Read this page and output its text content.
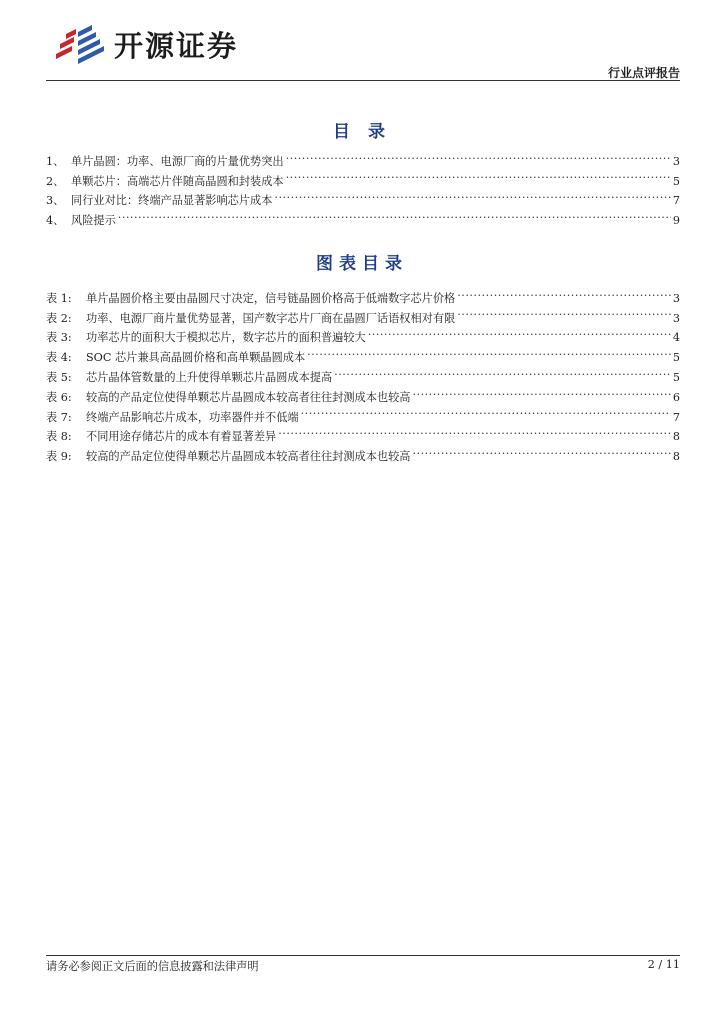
开源证券
行业点评报告
目 录
1、 单片晶圆：功率、电源厂商的片量优势突出 .....	3
2、 单颗芯片：高端芯片伴随高晶圆和封装成本 .....	5
3、 同行业对比：终端产品显著影响芯片成本 .....	7
4、 风险提示 .....	9
图表目录
表 1:	单片晶圆价格主要由晶圆尺寸决定，信号链晶圆价格高于低端数字芯片价格 .....	3
表 2:	功率、电源厂商片量优势显著，国产数字芯片厂商在晶圆厂话语权相对有限 .....	3
表 3:	功率芯片的面积大于模拟芯片，数字芯片的面积普遍较大 .....	4
表 4:	SOC 芯片兼具高晶圆价格和高单颗晶圆成本 .....	5
表 5:	芯片晶体管数量的上升使得单颗芯片晶圆成本提高 .....	5
表 6:	较高的产品定位使得单颗芯片晶圆成本较高者往往封测成本也较高 .....	6
表 7:	终端产品影响芯片成本，功率器件并不低端 .....	7
表 8:	不同用途存储芯片的成本有着显著差异 .....	8
表 9:	较高的产品定位使得单颗芯片晶圆成本较高者往往封测成本也较高 .....	8
请务必参阅正文后面的信息披露和法律声明	2 / 11
